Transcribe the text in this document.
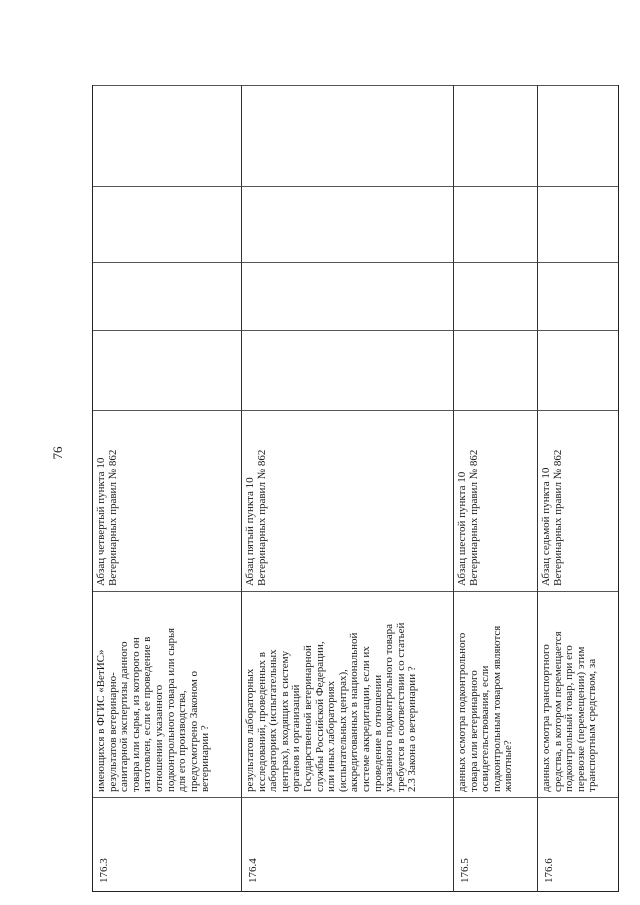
76
176.3
имеющихся в ФГИС «ВетИС»
результатов ветеринарно-
санитарной экспертизы данного
товара или сырья, из которого он
изготовлен, если ее проведение в
отношении указанного
подконтрольного товара или сырья
для его производства,
предусмотрено Законом о
ветеринарии ?
Абзац четвертый пункта 10
Ветеринарных правил № 862
176.4
результатов лабораторных
исследований, проведенных в
лабораториях (испытательных
центрах), входящих в систему
органов и организаций
Государственной ветеринарной
службы Российской Федерации,
или иных лабораториях
(испытательных центрах),
аккредитованных в национальной
системе аккредитации, если их
проведение в отношении
указанного подконтрольного товара
требуется в соответствии со статьей
2.3 Закона о ветеринарии ?
Абзац пятый пункта 10
Ветеринарных правил № 862
176.5
данных осмотра подконтрольного
товара или ветеринарного
освидетельствования, если
подконтрольным товаром являются
животные?
Абзац шестой пункта 10
Ветеринарных правил № 862
176.6
данных осмотра транспортного
средства, в котором перемещается
подконтрольный товар, при его
перевозке (перемещении) этим
транспортным средством, за
Абзац седьмой пункта 10
Ветеринарных правил № 862
